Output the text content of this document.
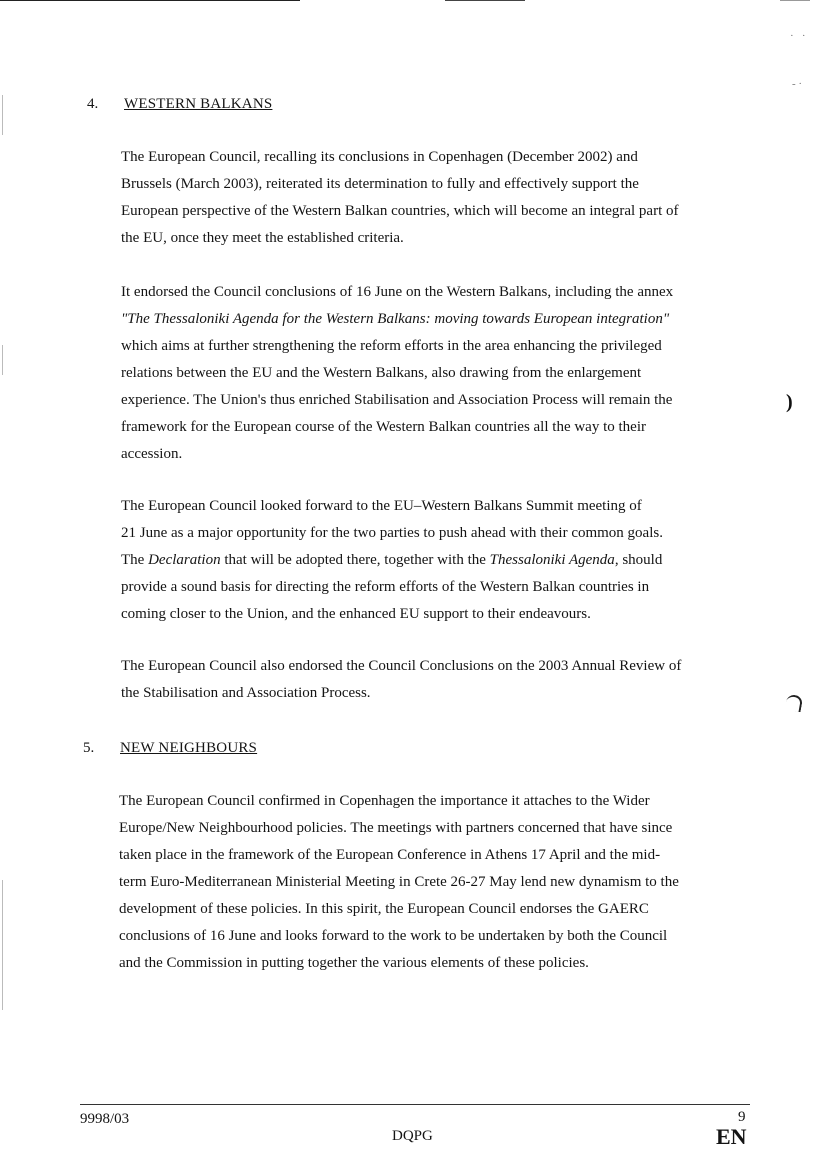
·   ·
- ·
)
4. WESTERN BALKANS

The European Council, recalling its conclusions in Copenhagen (December 2002) and

Brussels (March 2003), reiterated its determination to fully and effectively support the

European perspective of the Western Balkan countries, which will become an integral part of

the EU, once they meet the established criteria.

It endorsed the Council conclusions of 16 June on the Western Balkans, including the annex

"The Thessaloniki Agenda for the Western Balkans: moving towards European integration"

which aims at further strengthening the reform efforts in the area enhancing the privileged

relations between the EU and the Western Balkans, also drawing from the enlargement

experience. The Union's thus enriched Stabilisation and Association Process will remain the

framework for the European course of the Western Balkan countries all the way to their

accession.

The European Council looked forward to the EU–Western Balkans Summit meeting of

21 June as a major opportunity for the two parties to push ahead with their common goals.

The Declaration that will be adopted there, together with the Thessaloniki Agenda, should

provide a sound basis for directing the reform efforts of the Western Balkan countries in

coming closer to the Union, and the enhanced EU support to their endeavours.

The European Council also endorsed the Council Conclusions on the 2003 Annual Review of

the Stabilisation and Association Process.

5. NEW NEIGHBOURS

The European Council confirmed in Copenhagen the importance it attaches to the Wider

Europe/New Neighbourhood policies. The meetings with partners concerned that have since

taken place in the framework of the European Conference in Athens 17 April and the mid-

term Euro-Mediterranean Ministerial Meeting in Crete 26-27 May lend new dynamism to the

development of these policies. In this spirit, the European Council endorses the GAERC

conclusions of 16 June and looks forward to the work to be undertaken by both the Council

and the Commission in putting together the various elements of these policies.

9998/03	9
DQPG	EN
